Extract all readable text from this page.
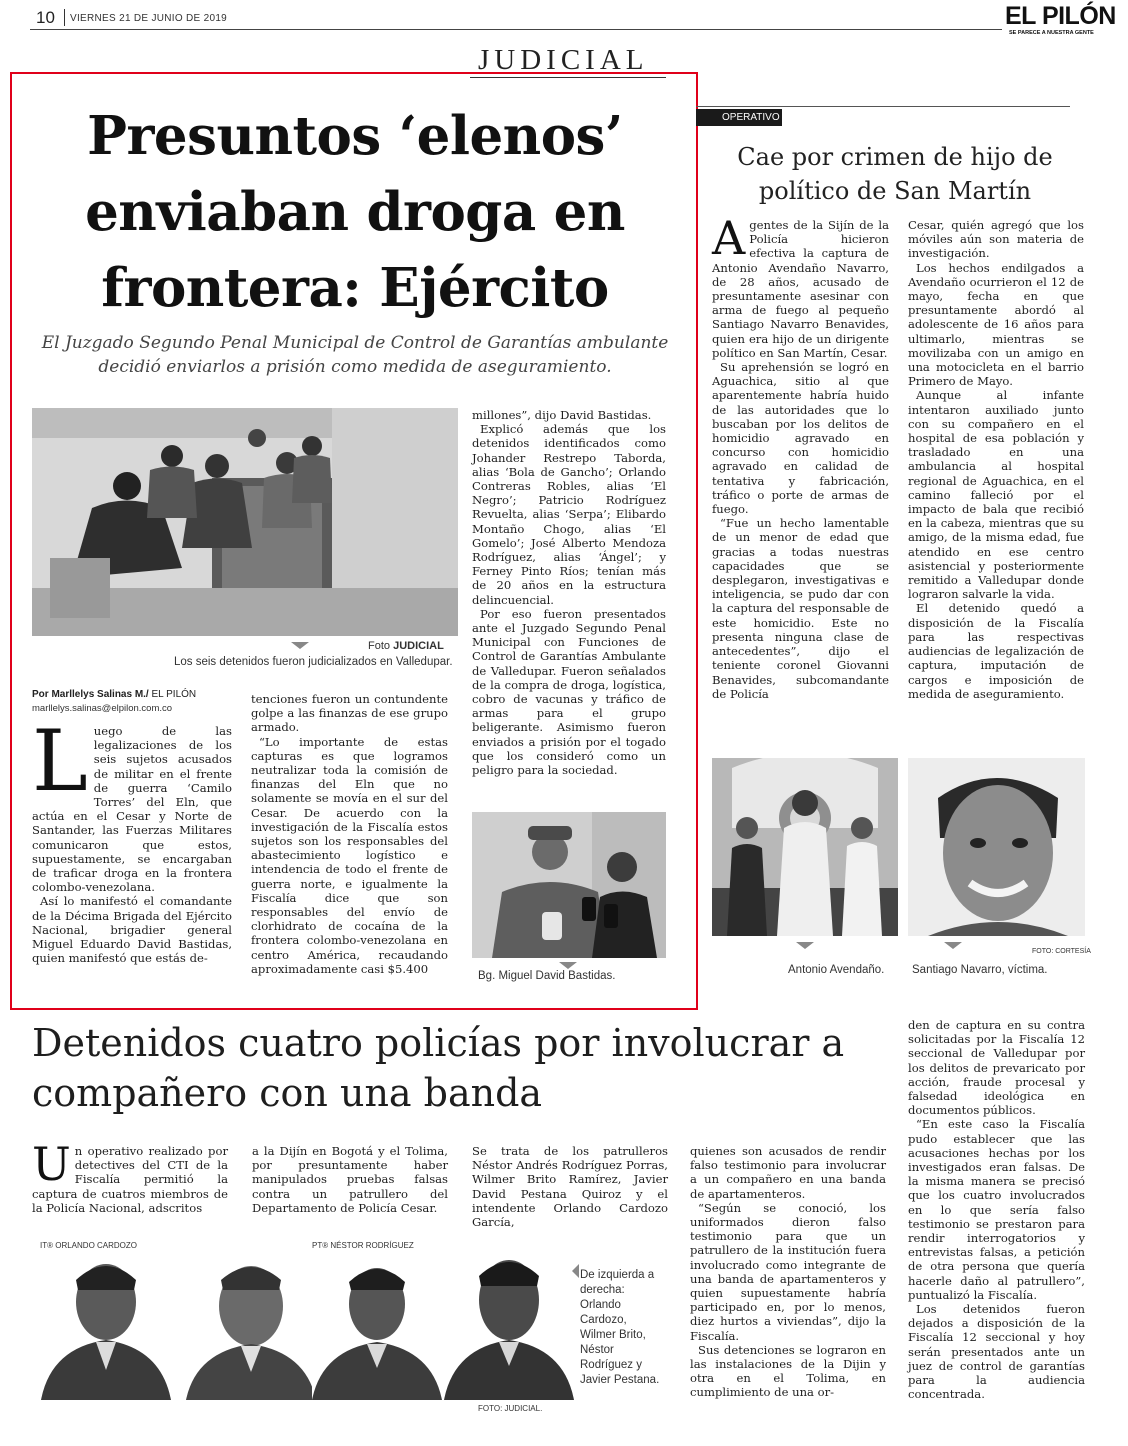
10 VIERNES 21 DE JUNIO DE 2019	EL PILÓN
SE PARECE A NUESTRA GENTE
JUDICIAL
Presuntos ‘elenos’ enviaban droga en frontera: Ejército
El Juzgado Segundo Penal Municipal de Control de Garantías ambulante decidió enviarlos a prisión como medida de aseguramiento.
Foto JUDICIAL
Los seis detenidos fueron judicializados en Valledupar.
Por Marllelys Salinas M./ EL PILÓN
marllelys.salinas@elpilon.com.co

Luego de las legalizaciones de los seis sujetos acusados de militar en el frente de guerra ‘Camilo Torres’ del Eln, que actúa en el Cesar y Norte de Santander, las Fuerzas Militares comunicaron que estos, supuestamente, se encargaban de traficar droga en la frontera colombo-venezolana.

Así lo manifestó el comandante de la Décima Brigada del Ejército Nacional, brigadier general Miguel Eduardo David Bastidas, quien manifestó que estás de-

tenciones fueron un contundente golpe a las finanzas de ese grupo armado.

“Lo importante de estas capturas es que logramos neutralizar toda la comisión de finanzas del Eln que no solamente se movía en el sur del Cesar. De acuerdo con la investigación de la Fiscalía estos sujetos son los responsables del abastecimiento logístico e intendencia de todo el frente de guerra norte, e igualmente la Fiscalía dice que son responsables del envío de clorhidrato de cocaína de la frontera colombo-venezolana en centro América, recaudando aproximadamente casi $5.400

millones”, dijo David Bastidas.

Explicó además que los detenidos identificados como Johander Restrepo Taborda, alias ‘Bola de Gancho’; Orlando Contreras Robles, alias ‘El Negro’; Patricio Rodríguez Revuelta, alias ‘Serpa’; Elibardo Montaño Chogo, alias ‘El Gomelo’; José Alberto Mendoza Rodríguez, alias ‘Ángel’; y Ferney Pinto Ríos; tenían más de 20 años en la estructura delincuencial.

Por eso fueron presentados ante el Juzgado Segundo Penal Municipal con Funciones de Control de Garantías Ambulante de Valledupar. Fueron señalados de la compra de droga, logística, cobro de vacunas y tráfico de armas para el grupo beligerante. Asimismo fueron enviados a prisión por el togado que los consideró como un peligro para la sociedad.

Bg. Miguel David Bastidas.
OPERATIVO
Cae por crimen de hijo de político de San Martín

Agentes de la Sijín de la Policía hicieron efectiva la captura de Antonio Avendaño Navarro, de 28 años, acusado de presuntamente asesinar con arma de fuego al pequeño Santiago Navarro Benavides, quien era hijo de un dirigente político en San Martín, Cesar.

Su aprehensión se logró en Aguachica, sitio al que aparentemente habría huido de las autoridades que lo buscaban por los delitos de homicidio agravado en concurso con homicidio agravado en calidad de tentativa y fabricación, tráfico o porte de armas de fuego.

“Fue un hecho lamentable de un menor de edad que gracias a todas nuestras capacidades que se desplegaron, investigativas e inteligencia, se pudo dar con la captura del responsable de este homicidio. Este no presenta ninguna clase de antecedentes”, dijo el teniente coronel Giovanni Benavides, subcomandante de Policía

Cesar, quién agregó que los móviles aún son materia de investigación.

Los hechos endilgados a Avendaño ocurrieron el 12 de mayo, fecha en que presuntamente abordó al adolescente de 16 años para ultimarlo, mientras se movilizaba con un amigo en una motocicleta en el barrio Primero de Mayo.

Aunque al infante intentaron auxiliado junto con su compañero en el hospital de esa población y trasladado en una ambulancia al hospital regional de Aguachica, en el camino falleció por el impacto de bala que recibió en la cabeza, mientras que su amigo, de la misma edad, fue atendido en ese centro asistencial y posteriormente remitido a Valledupar donde lograron salvarle la vida.

El detenido quedó a disposición de la Fiscalía para las respectivas audiencias de legalización de captura, imputación de cargos e imposición de medida de aseguramiento.

FOTO: CORTESÍA
Antonio Avendaño. Santiago Navarro, víctima.
Detenidos cuatro policías por involucrar a compañero con una banda

Un operativo realizado por detectives del CTI de la Fiscalía permitió la captura de cuatros miembros de la Policía Nacional, adscritos

a la Dijín en Bogotá y el Tolima, por presuntamente haber manipulados pruebas falsas contra un patrullero del Departamento de Policía Cesar.

Se trata de los patrulleros Néstor Andrés Rodríguez Porras, Wilmer Brito Ramírez, Javier David Pestana Quiroz y el intendente Orlando Cardozo García,

quienes son acusados de rendir falso testimonio para involucrar a un compañero en una banda de apartamenteros.

“Según se conoció, los uniformados dieron falso testimonio para que un patrullero de la institución fuera involucrado como integrante de una banda de apartamenteros y quien supuestamente habría participado en, por lo menos, diez hurtos a viviendas”, dijo la Fiscalía.

Sus detenciones se lograron en las instalaciones de la Dijin y otra en el Tolima, en cumplimiento de una or-

den de captura en su contra solicitadas por la Fiscalía 12 seccional de Valledupar por los delitos de prevaricato por acción, fraude procesal y falsedad ideológica en documentos públicos.

“En este caso la Fiscalía pudo establecer que las acusaciones hechas por los investigados eran falsas. De la misma manera se precisó que los cuatro involucrados en lo que sería falso testimonio se prestaron para rendir interrogatorios y entrevistas falsas, a petición de otra persona que quería hacerle daño al patrullero”, puntualizó la Fiscalía.

Los detenidos fueron dejados a disposición de la Fiscalía 12 seccional y hoy serán presentados ante un juez de control de garantías para la audiencia concentrada.

IT® ORLANDO CARDOZO	PT® NÉSTOR RODRÍGUEZ
De izquierda a derecha: Orlando Cardozo, Wilmer Brito, Néstor Rodríguez y Javier Pestana.
FOTO: JUDICIAL.
